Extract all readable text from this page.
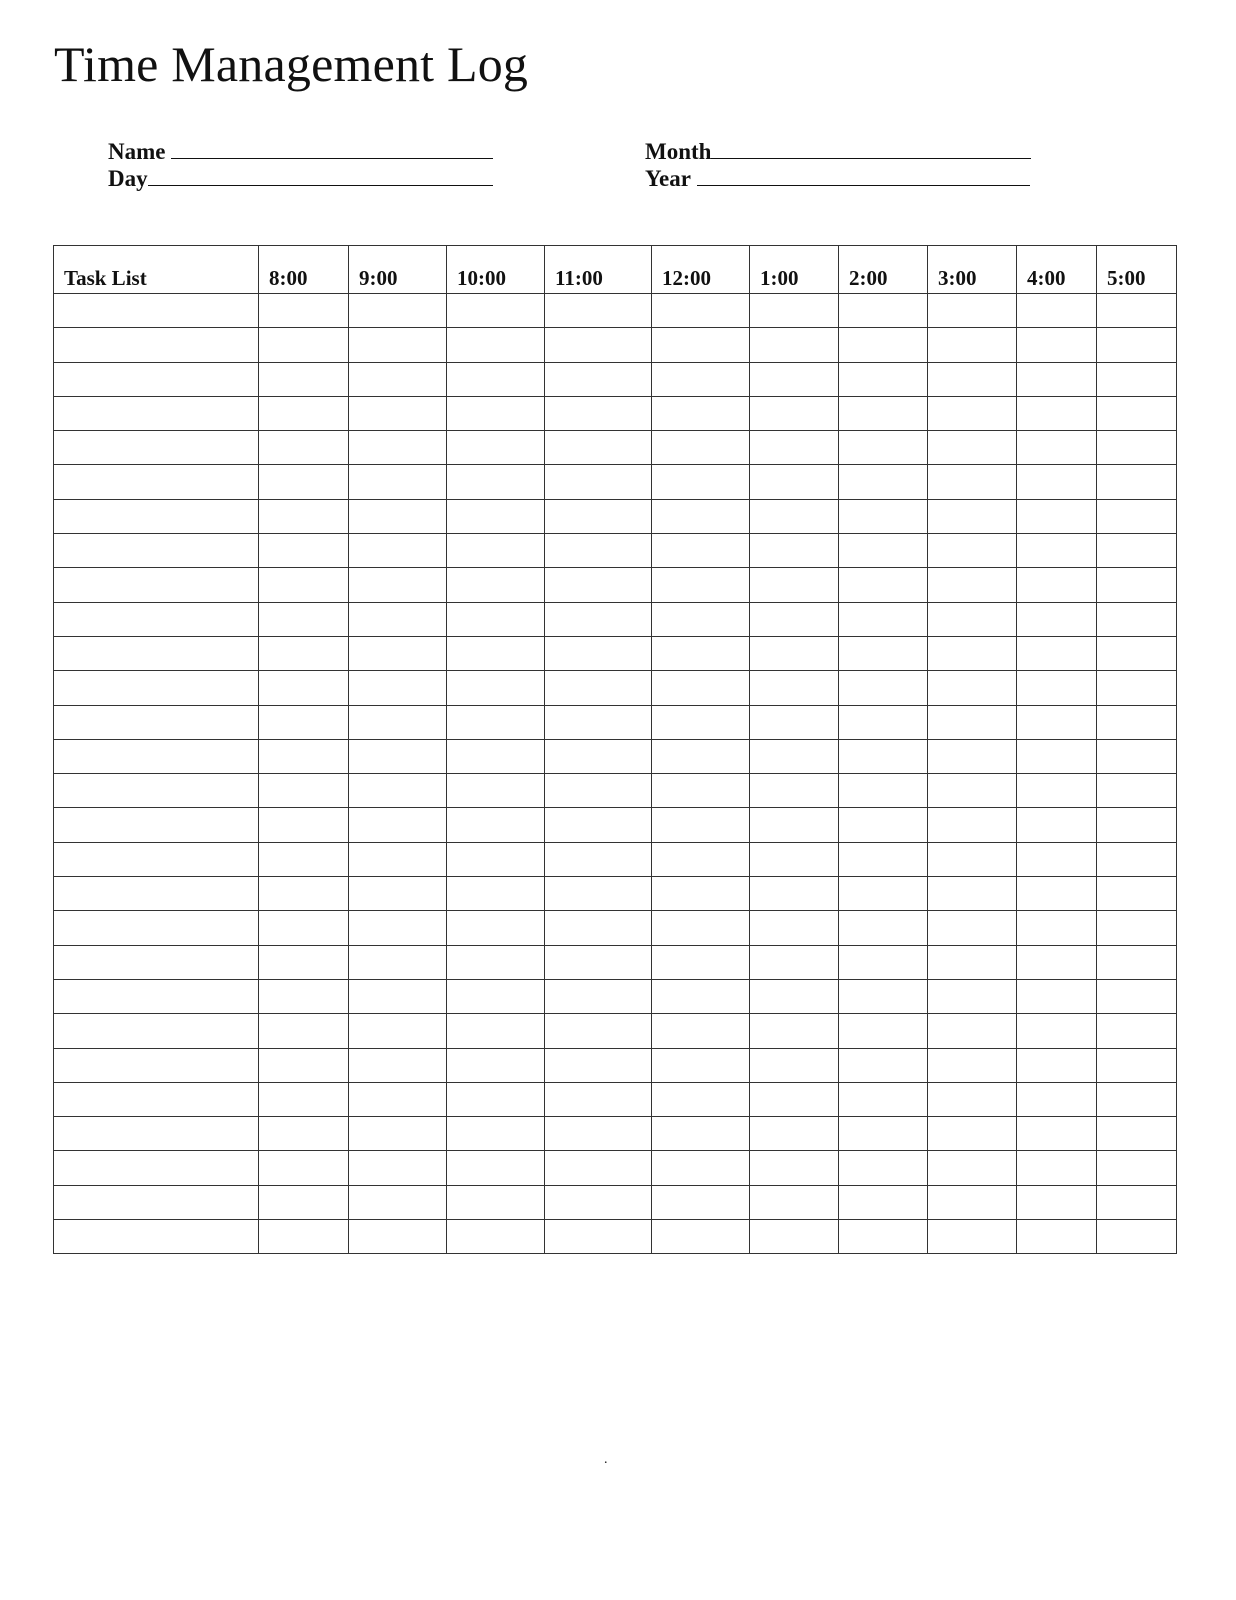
Time Management Log
Name
Day
Month
Year
Task List	8:00	9:00	10:00	11:00	12:00	1:00	2:00	3:00	4:00	5:00

.
